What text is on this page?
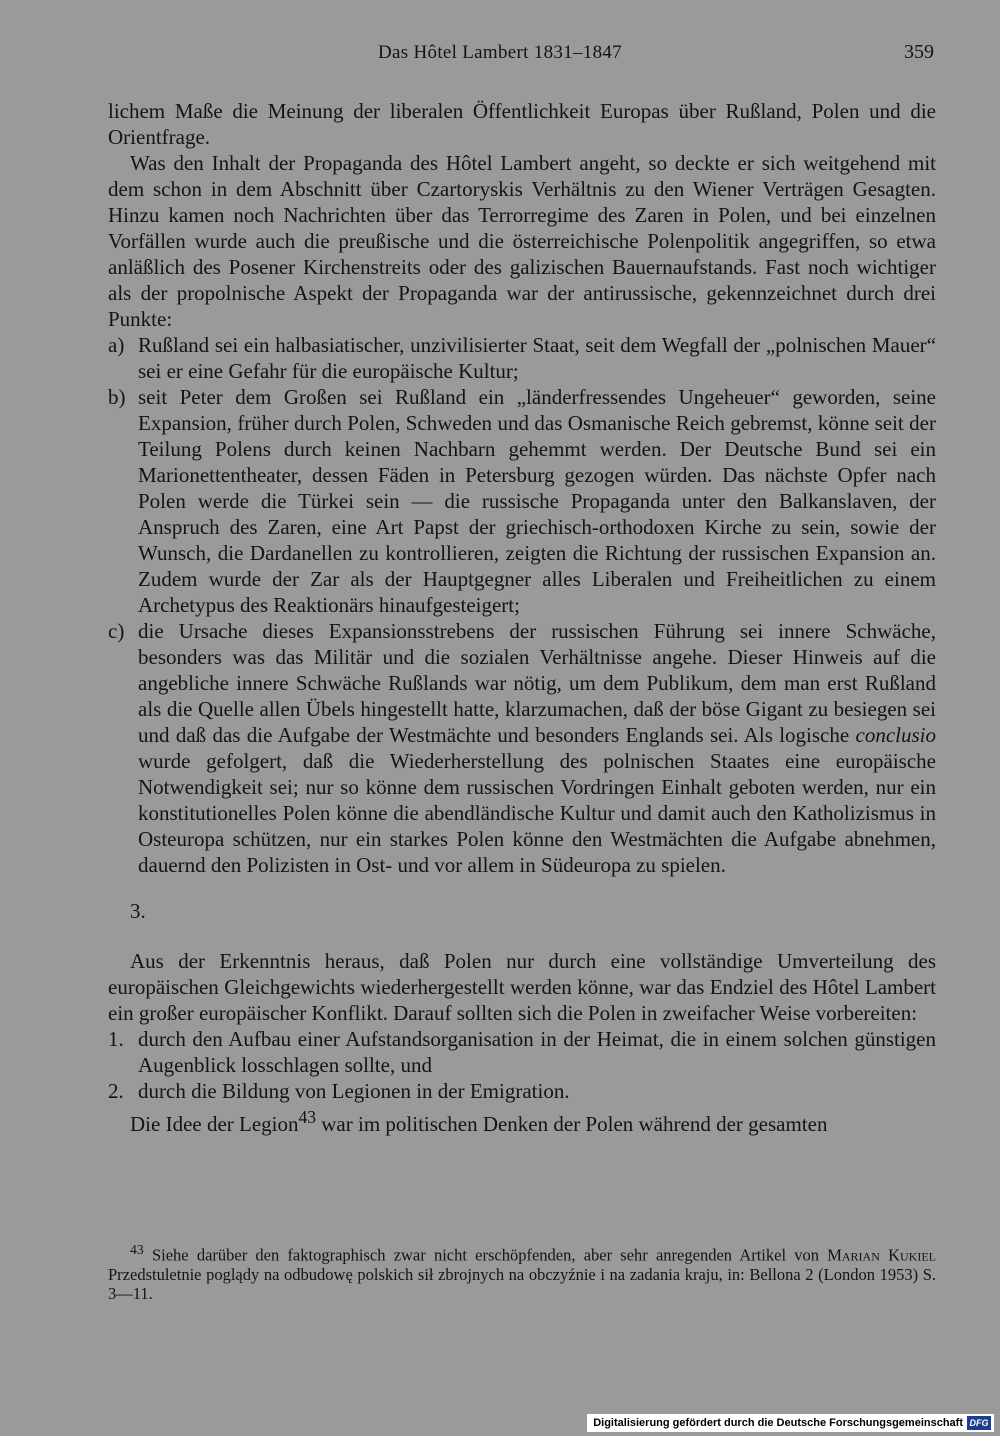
Das Hôtel Lambert 1831–1847	359

lichem Maße die Meinung der liberalen Öffentlichkeit Europas über Rußland, Polen und die Orientfrage.

Was den Inhalt der Propaganda des Hôtel Lambert angeht, so deckte er sich weitgehend mit dem schon in dem Abschnitt über Czartoryskis Verhältnis zu den Wiener Verträgen Gesagten. Hinzu kamen noch Nachrichten über das Terrorregime des Zaren in Polen, und bei einzelnen Vorfällen wurde auch die preußische und die österreichische Polenpolitik angegriffen, so etwa anläßlich des Posener Kirchenstreits oder des galizischen Bauernaufstands. Fast noch wichtiger als der propolnische Aspekt der Propaganda war der antirussische, gekennzeichnet durch drei Punkte:

a) Rußland sei ein halbasiatischer, unzivilisierter Staat, seit dem Wegfall der „polnischen Mauer“ sei er eine Gefahr für die europäische Kultur;
b) seit Peter dem Großen sei Rußland ein „länderfressendes Ungeheuer“ geworden, seine Expansion, früher durch Polen, Schweden und das Osmanische Reich gebremst, könne seit der Teilung Polens durch keinen Nachbarn gehemmt werden. Der Deutsche Bund sei ein Marionettentheater, dessen Fäden in Petersburg gezogen würden. Das nächste Opfer nach Polen werde die Türkei sein — die russische Propaganda unter den Balkanslaven, der Anspruch des Zaren, eine Art Papst der griechisch-orthodoxen Kirche zu sein, sowie der Wunsch, die Dardanellen zu kontrollieren, zeigten die Richtung der russischen Expansion an. Zudem wurde der Zar als der Hauptgegner alles Liberalen und Freiheitlichen zu einem Archetypus des Reaktionärs hinaufgesteigert;
c) die Ursache dieses Expansionsstrebens der russischen Führung sei innere Schwäche, besonders was das Militär und die sozialen Verhältnisse angehe. Dieser Hinweis auf die angebliche innere Schwäche Rußlands war nötig, um dem Publikum, dem man erst Rußland als die Quelle allen Übels hingestellt hatte, klarzumachen, daß der böse Gigant zu besiegen sei und daß das die Aufgabe der Westmächte und besonders Englands sei. Als logische conclusio wurde gefolgert, daß die Wiederherstellung des polnischen Staates eine europäische Notwendigkeit sei; nur so könne dem russischen Vordringen Einhalt geboten werden, nur ein konstitutionelles Polen könne die abendländische Kultur und damit auch den Katholizismus in Osteuropa schützen, nur ein starkes Polen könne den Westmächten die Aufgabe abnehmen, dauernd den Polizisten in Ost- und vor allem in Südeuropa zu spielen.
3.

Aus der Erkenntnis heraus, daß Polen nur durch eine vollständige Umverteilung des europäischen Gleichgewichts wiederhergestellt werden könne, war das Endziel des Hôtel Lambert ein großer europäischer Konflikt. Darauf sollten sich die Polen in zweifacher Weise vorbereiten:

1. durch den Aufbau einer Aufstandsorganisation in der Heimat, die in einem solchen günstigen Augenblick losschlagen sollte, und
2. durch die Bildung von Legionen in der Emigration.

Die Idee der Legion$^{43}$ war im politischen Denken der Polen während der gesamten

$^{43}$ Siehe darüber den faktographisch zwar nicht erschöpfenden, aber sehr anregenden Artikel von Marian Kukiel Przedstuletnie poglądy na odbudowę polskich sił zbrojnych na obczyźnie i na zadania kraju, in: Bellona 2 (London 1953) S. 3—11.

Digitalisierung gefördert durch die Deutsche Forschungsgemeinschaft DFG
